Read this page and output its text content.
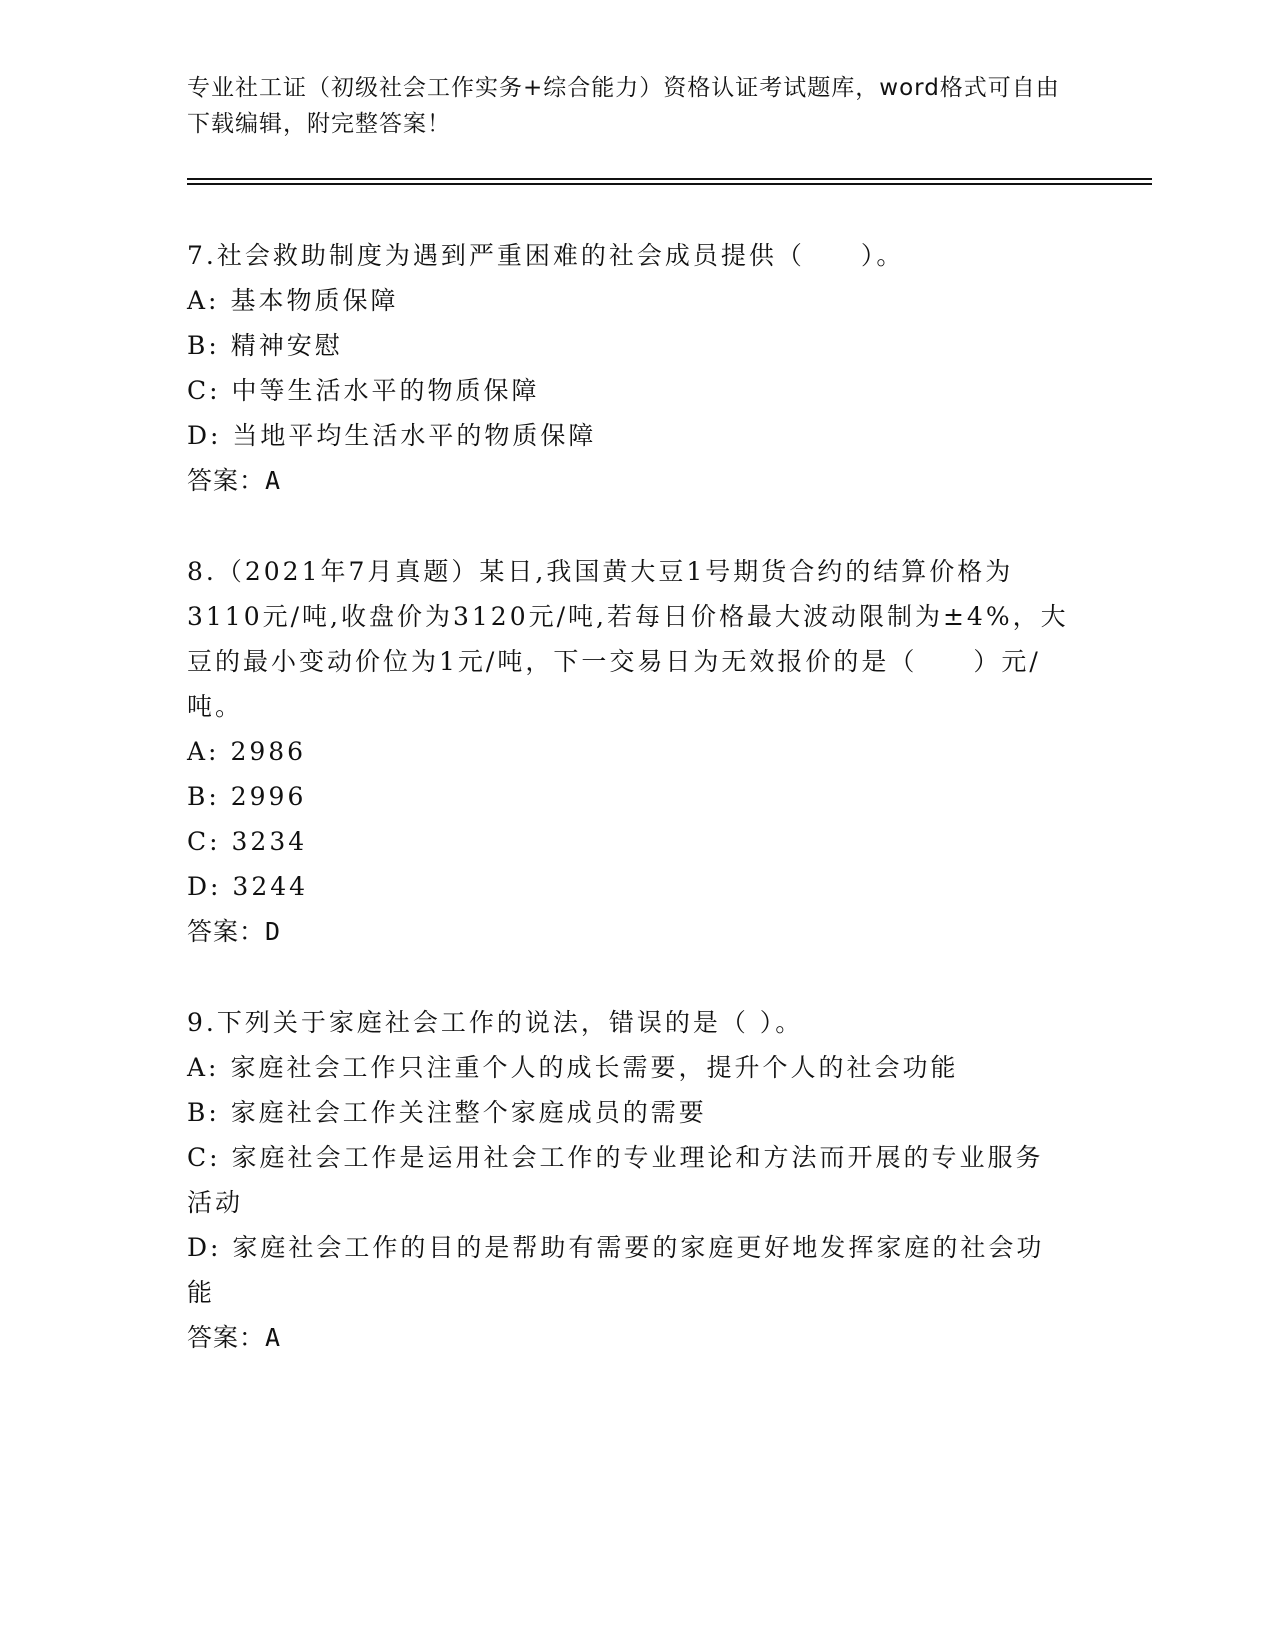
专业社工证（初级社会工作实务+综合能力）资格认证考试题库，word格式可自由
下载编辑，附完整答案！
7.社会救助制度为遇到严重困难的社会成员提供（　　）。
A: 基本物质保障
B: 精神安慰
C: 中等生活水平的物质保障
D: 当地平均生活水平的物质保障
答案：A
8.（2021年7月真题）某日,我国黄大豆1号期货合约的结算价格为
3110元/吨,收盘价为3120元/吨,若每日价格最大波动限制为±4%，大
豆的最小变动价位为1元/吨，下一交易日为无效报价的是（　　）元/
吨。
A: 2986
B: 2996
C: 3234
D: 3244
答案：D
9.下列关于家庭社会工作的说法，错误的是（ ）。
A: 家庭社会工作只注重个人的成长需要，提升个人的社会功能
B: 家庭社会工作关注整个家庭成员的需要
C: 家庭社会工作是运用社会工作的专业理论和方法而开展的专业服务
活动
D: 家庭社会工作的目的是帮助有需要的家庭更好地发挥家庭的社会功
能
答案：A
